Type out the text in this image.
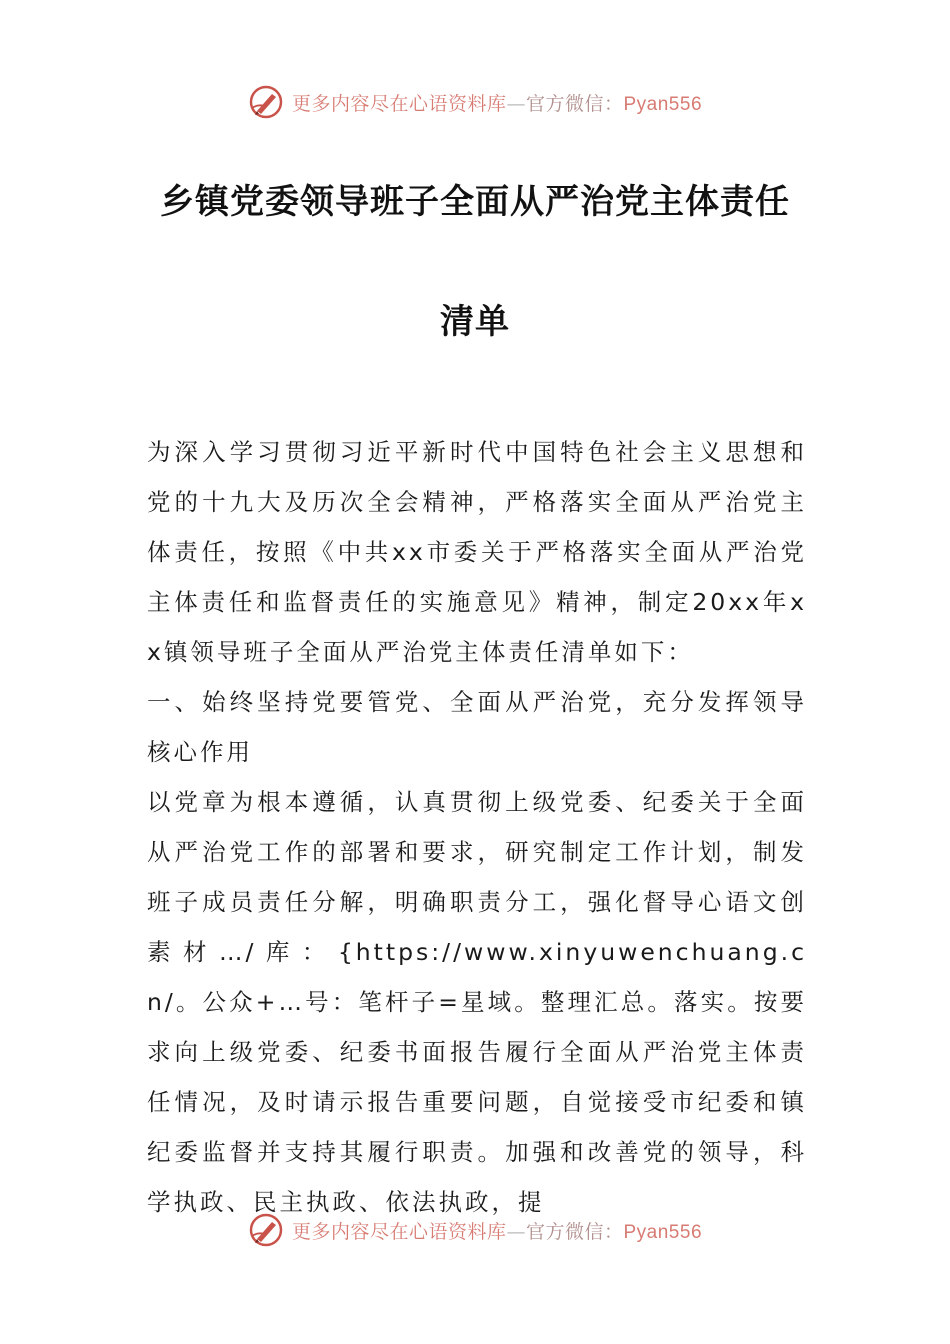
更多内容尽在心语资料库—官方微信：Pyan556
乡镇党委领导班子全面从严治党主体责任
清单

为深入学习贯彻习近平新时代中国特色社会主义思想和党的十九大及历次全会精神，严格落实全面从严治党主体责任，按照《中共xx市委关于严格落实全面从严治党主体责任和监督责任的实施意见》精神，制定20xx年xx镇领导班子全面从严治党主体责任清单如下：

一、始终坚持党要管党、全面从严治党，充分发挥领导核心作用

以党章为根本遵循，认真贯彻上级党委、纪委关于全面从严治党工作的部署和要求，研究制定工作计划，制发班子成员责任分解，明确职责分工，强化督导心语文创素材…/库：{https://www.xinyuwenchuang.cn/。公众+…号：笔杆子=星域。整理汇总。落实。按要求向上级党委、纪委书面报告履行全面从严治党主体责任情况，及时请示报告重要问题，自觉接受市纪委和镇纪委监督并支持其履行职责。加强和改善党的领导，科学执政、民主执政、依法执政，提

更多内容尽在心语资料库—官方微信：Pyan556
